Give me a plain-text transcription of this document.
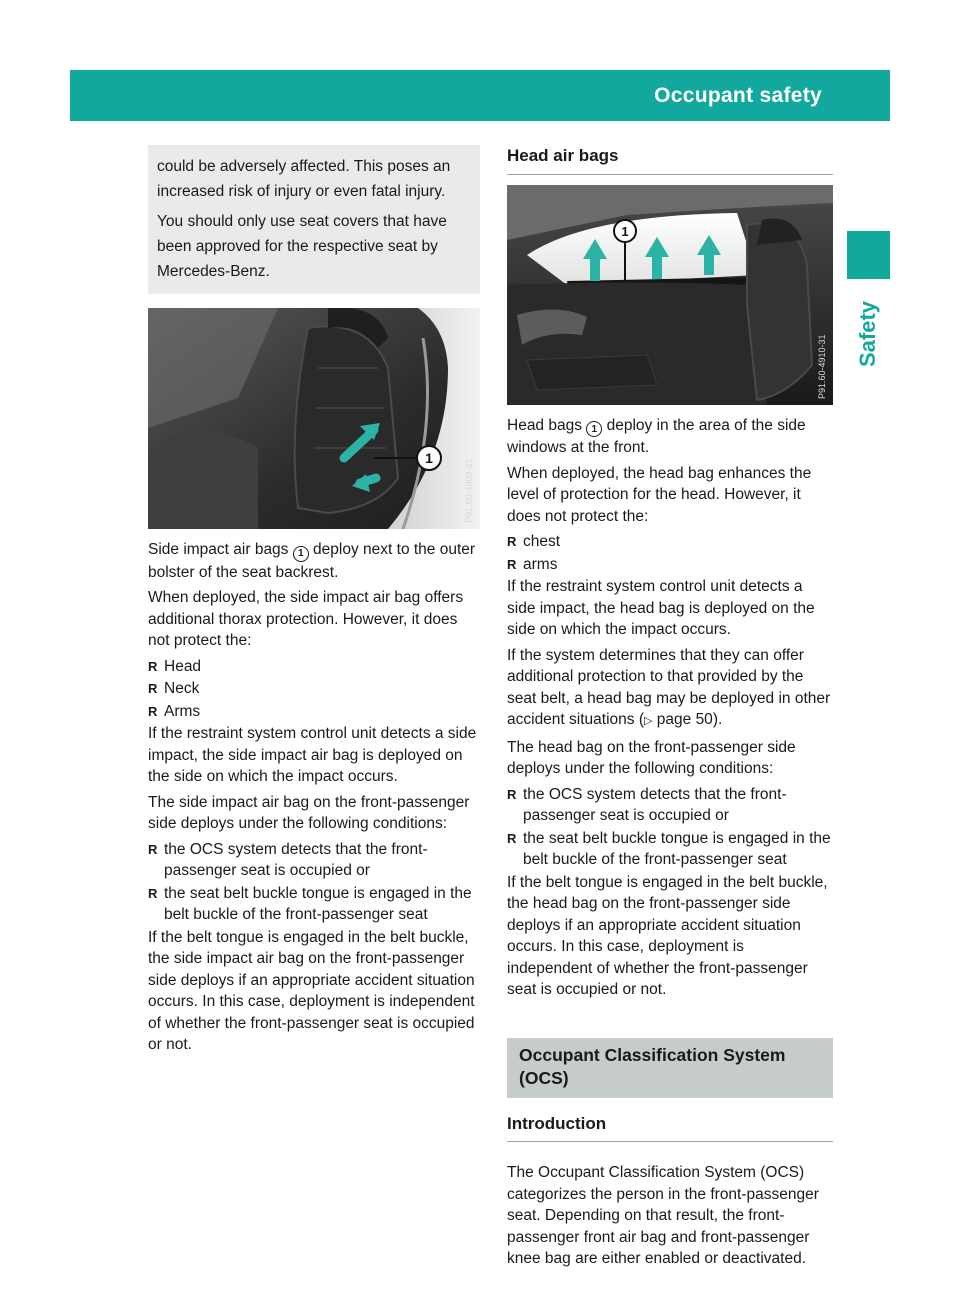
Occupant safety	45
Safety

could be adversely affected. This poses an increased risk of injury or even fatal injury.

You should only use seat covers that have been approved for the respective seat by Mercedes-Benz.

1
P91.60-4909-31

Side impact air bags 1 deploy next to the outer bolster of the seat backrest.

When deployed, the side impact air bag offers additional thorax protection. However, it does not protect the:

R Head
R Neck
R Arms

If the restraint system control unit detects a side impact, the side impact air bag is deployed on the side on which the impact occurs.

The side impact air bag on the front-passenger side deploys under the following conditions:

R the OCS system detects that the front-passenger seat is occupied or
R the seat belt buckle tongue is engaged in the belt buckle of the front-passenger seat

If the belt tongue is engaged in the belt buckle, the side impact air bag on the front-passenger side deploys if an appropriate accident situation occurs. In this case, deployment is independent of whether the front-passenger seat is occupied or not.

Head air bags
1
P91.60-4910-31

Head bags 1 deploy in the area of the side windows at the front.

When deployed, the head bag enhances the level of protection for the head. However, it does not protect the:

R chest
R arms

If the restraint system control unit detects a side impact, the head bag is deployed on the side on which the impact occurs.

If the system determines that they can offer additional protection to that provided by the seat belt, a head bag may be deployed in other accident situations (▷ page 50).

The head bag on the front-passenger side deploys under the following conditions:

R the OCS system detects that the front-passenger seat is occupied or
R the seat belt buckle tongue is engaged in the belt buckle of the front-passenger seat

If the belt tongue is engaged in the belt buckle, the head bag on the front-passenger side deploys if an appropriate accident situation occurs. In this case, deployment is independent of whether the front-passenger seat is occupied or not.

Occupant Classification System (OCS)
Introduction

The Occupant Classification System (OCS) categorizes the person in the front-passenger seat. Depending on that result, the front-passenger front air bag and front-passenger knee bag are either enabled or deactivated.
